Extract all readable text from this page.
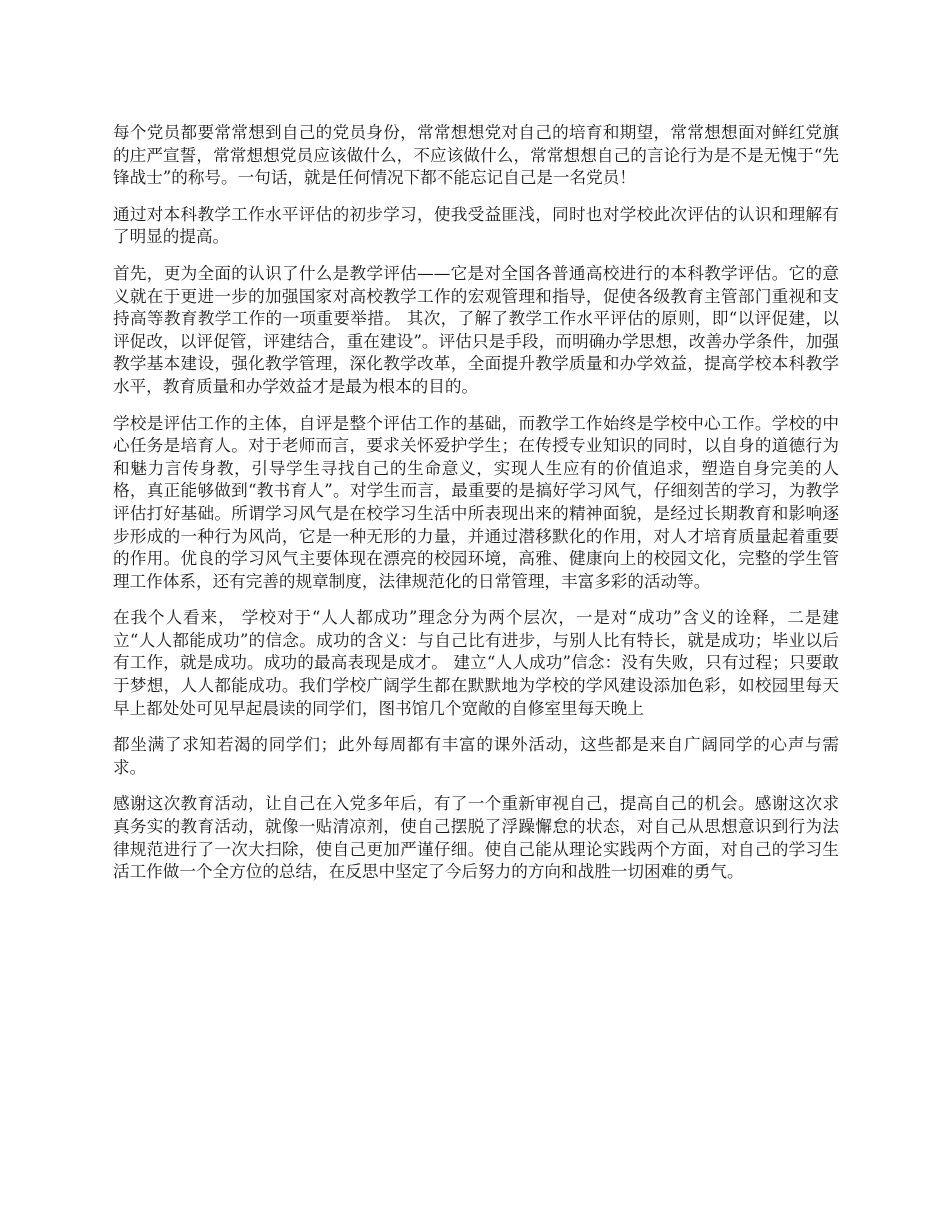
每个党员都要常常想到自己的党员身份，常常想想党对自己的培育和期望，常常想想面对鲜红党旗的庄严宣誓，常常想想党员应该做什么，不应该做什么，常常想想自己的言论行为是不是无愧于“先锋战士”的称号。一句话，就是任何情况下都不能忘记自己是一名党员！

通过对本科教学工作水平评估的初步学习，使我受益匪浅，同时也对学校此次评估的认识和理解有了明显的提高。

首先，更为全面的认识了什么是教学评估——它是对全国各普通高校进行的本科教学评估。它的意义就在于更进一步的加强国家对高校教学工作的宏观管理和指导，促使各级教育主管部门重视和支持高等教育教学工作的一项重要举措。 其次，了解了教学工作水平评估的原则，即“以评促建，以评促改，以评促管，评建结合，重在建设”。评估只是手段，而明确办学思想，改善办学条件，加强教学基本建设，强化教学管理，深化教学改革，全面提升教学质量和办学效益，提高学校本科教学水平，教育质量和办学效益才是最为根本的目的。

学校是评估工作的主体，自评是整个评估工作的基础，而教学工作始终是学校中心工作。学校的中心任务是培育人。对于老师而言，要求关怀爱护学生；在传授专业知识的同时，以自身的道德行为和魅力言传身教，引导学生寻找自己的生命意义，实现人生应有的价值追求，塑造自身完美的人格，真正能够做到“教书育人”。对学生而言，最重要的是搞好学习风气，仔细刻苦的学习，为教学评估打好基础。所谓学习风气是在校学习生活中所表现出来的精神面貌，是经过长期教育和影响逐步形成的一种行为风尚，它是一种无形的力量，并通过潜移默化的作用，对人才培育质量起着重要的作用。优良的学习风气主要体现在漂亮的校园环境，高雅、健康向上的校园文化，完整的学生管理工作体系，还有完善的规章制度，法律规范化的日常管理，丰富多彩的活动等。

在我个人看来， 学校对于“人人都成功”理念分为两个层次，一是对“成功”含义的诠释，二是建立“人人都能成功”的信念。成功的含义：与自己比有进步，与别人比有特长，就是成功；毕业以后有工作，就是成功。成功的最高表现是成才。 建立“人人成功”信念：没有失败，只有过程；只要敢于梦想，人人都能成功。我们学校广阔学生都在默默地为学校的学风建设添加色彩，如校园里每天早上都处处可见早起晨读的同学们，图书馆几个宽敞的自修室里每天晚上

都坐满了求知若渴的同学们；此外每周都有丰富的课外活动，这些都是来自广阔同学的心声与需求。

感谢这次教育活动，让自己在入党多年后，有了一个重新审视自己，提高自己的机会。感谢这次求真务实的教育活动，就像一贴清凉剂，使自己摆脱了浮躁懈怠的状态，对自己从思想意识到行为法律规范进行了一次大扫除，使自己更加严谨仔细。使自己能从理论实践两个方面，对自己的学习生活工作做一个全方位的总结，在反思中坚定了今后努力的方向和战胜一切困难的勇气。
